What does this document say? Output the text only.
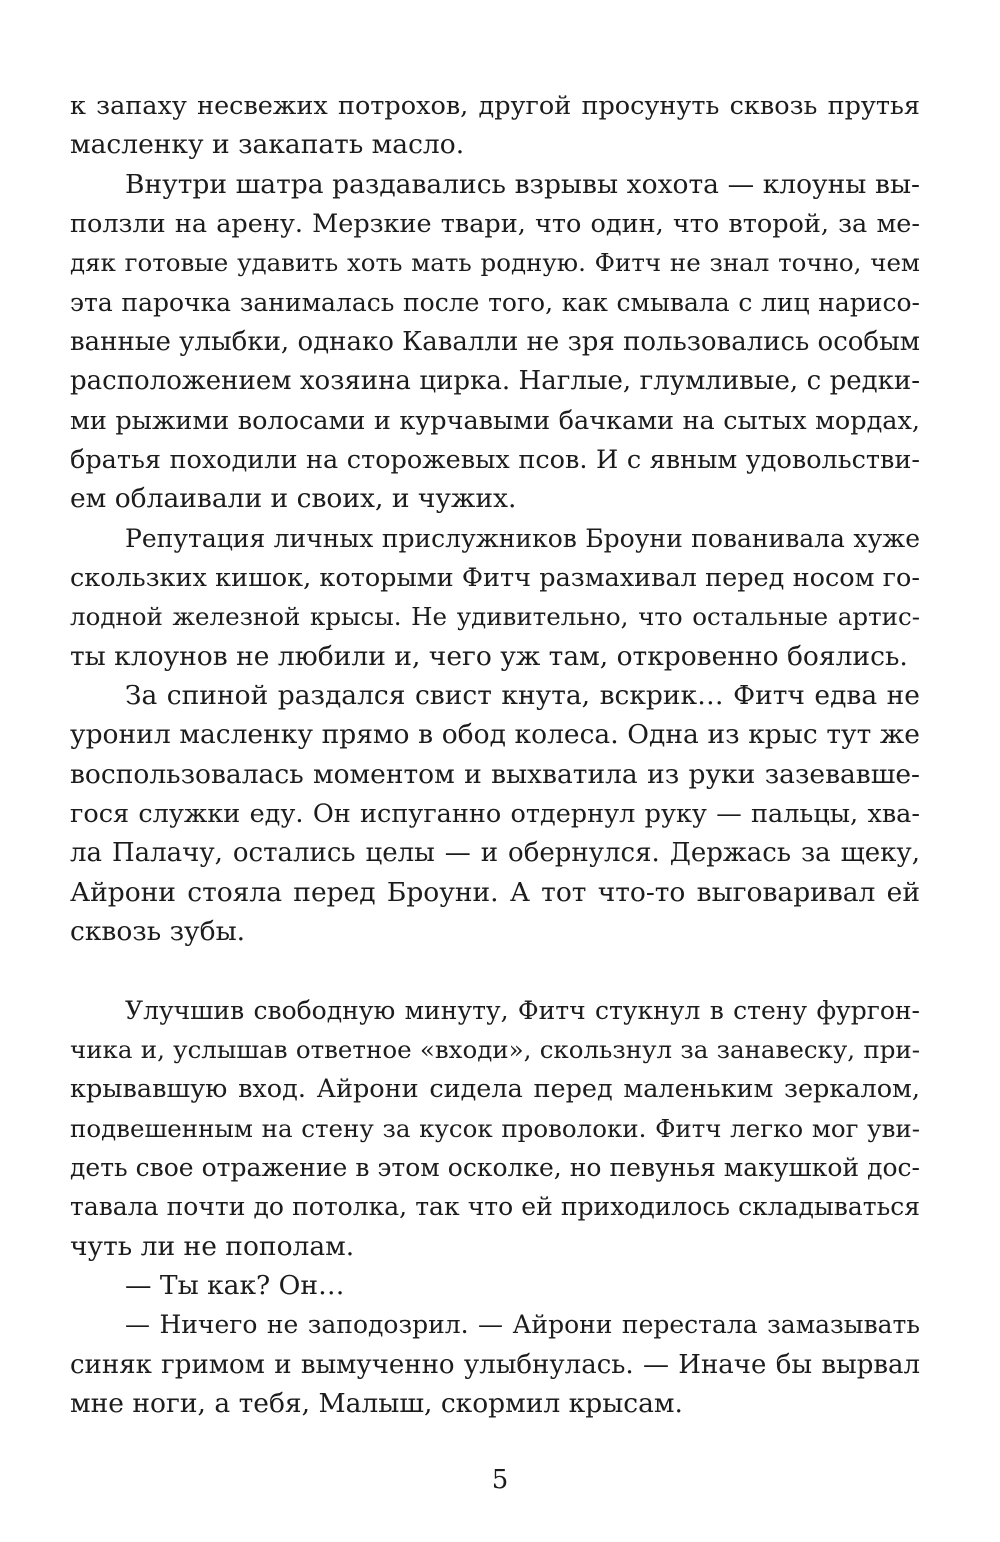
к запаху несвежих потрохов, другой просунуть сквозь прутья
масленку и закапать масло.
Внутри шатра раздавались взрывы хохота — клоуны вы-
ползли на арену. Мерзкие твари, что один, что второй, за ме-
дяк готовые удавить хоть мать родную. Фитч не знал точно, чем
эта парочка занималась после того, как смывала с лиц нарисо-
ванные улыбки, однако Кавалли не зря пользовались особым
расположением хозяина цирка. Наглые, глумливые, с редки-
ми рыжими волосами и курчавыми бачками на сытых мордах,
братья походили на сторожевых псов. И с явным удовольстви-
ем облаивали и своих, и чужих.
Репутация личных прислужников Броуни пованивала хуже
скользких кишок, которыми Фитч размахивал перед носом го-
лодной железной крысы. Не удивительно, что остальные артис-
ты клоунов не любили и, чего уж там, откровенно боялись.
За спиной раздался свист кнута, вскрик… Фитч едва не
уронил масленку прямо в обод колеса. Одна из крыс тут же
воспользовалась моментом и выхватила из руки зазевавше-
гося служки еду. Он испуганно отдернул руку — пальцы, хва-
ла Палачу, остались целы — и обернулся. Держась за щеку,
Айрони стояла перед Броуни. А тот что-то выговаривал ей
сквозь зубы.
Улучшив свободную минуту, Фитч стукнул в стену фургон-
чика и, услышав ответное «входи», скользнул за занавеску, при-
крывавшую вход. Айрони сидела перед маленьким зеркалом,
подвешенным на стену за кусок проволоки. Фитч легко мог уви-
деть свое отражение в этом осколке, но певунья макушкой дос-
тавала почти до потолка, так что ей приходилось складываться
чуть ли не пополам.
— Ты как? Он…
— Ничего не заподозрил. — Айрони перестала замазывать
синяк гримом и вымученно улыбнулась. — Иначе бы вырвал
мне ноги, а тебя, Малыш, скормил крысам.
5
